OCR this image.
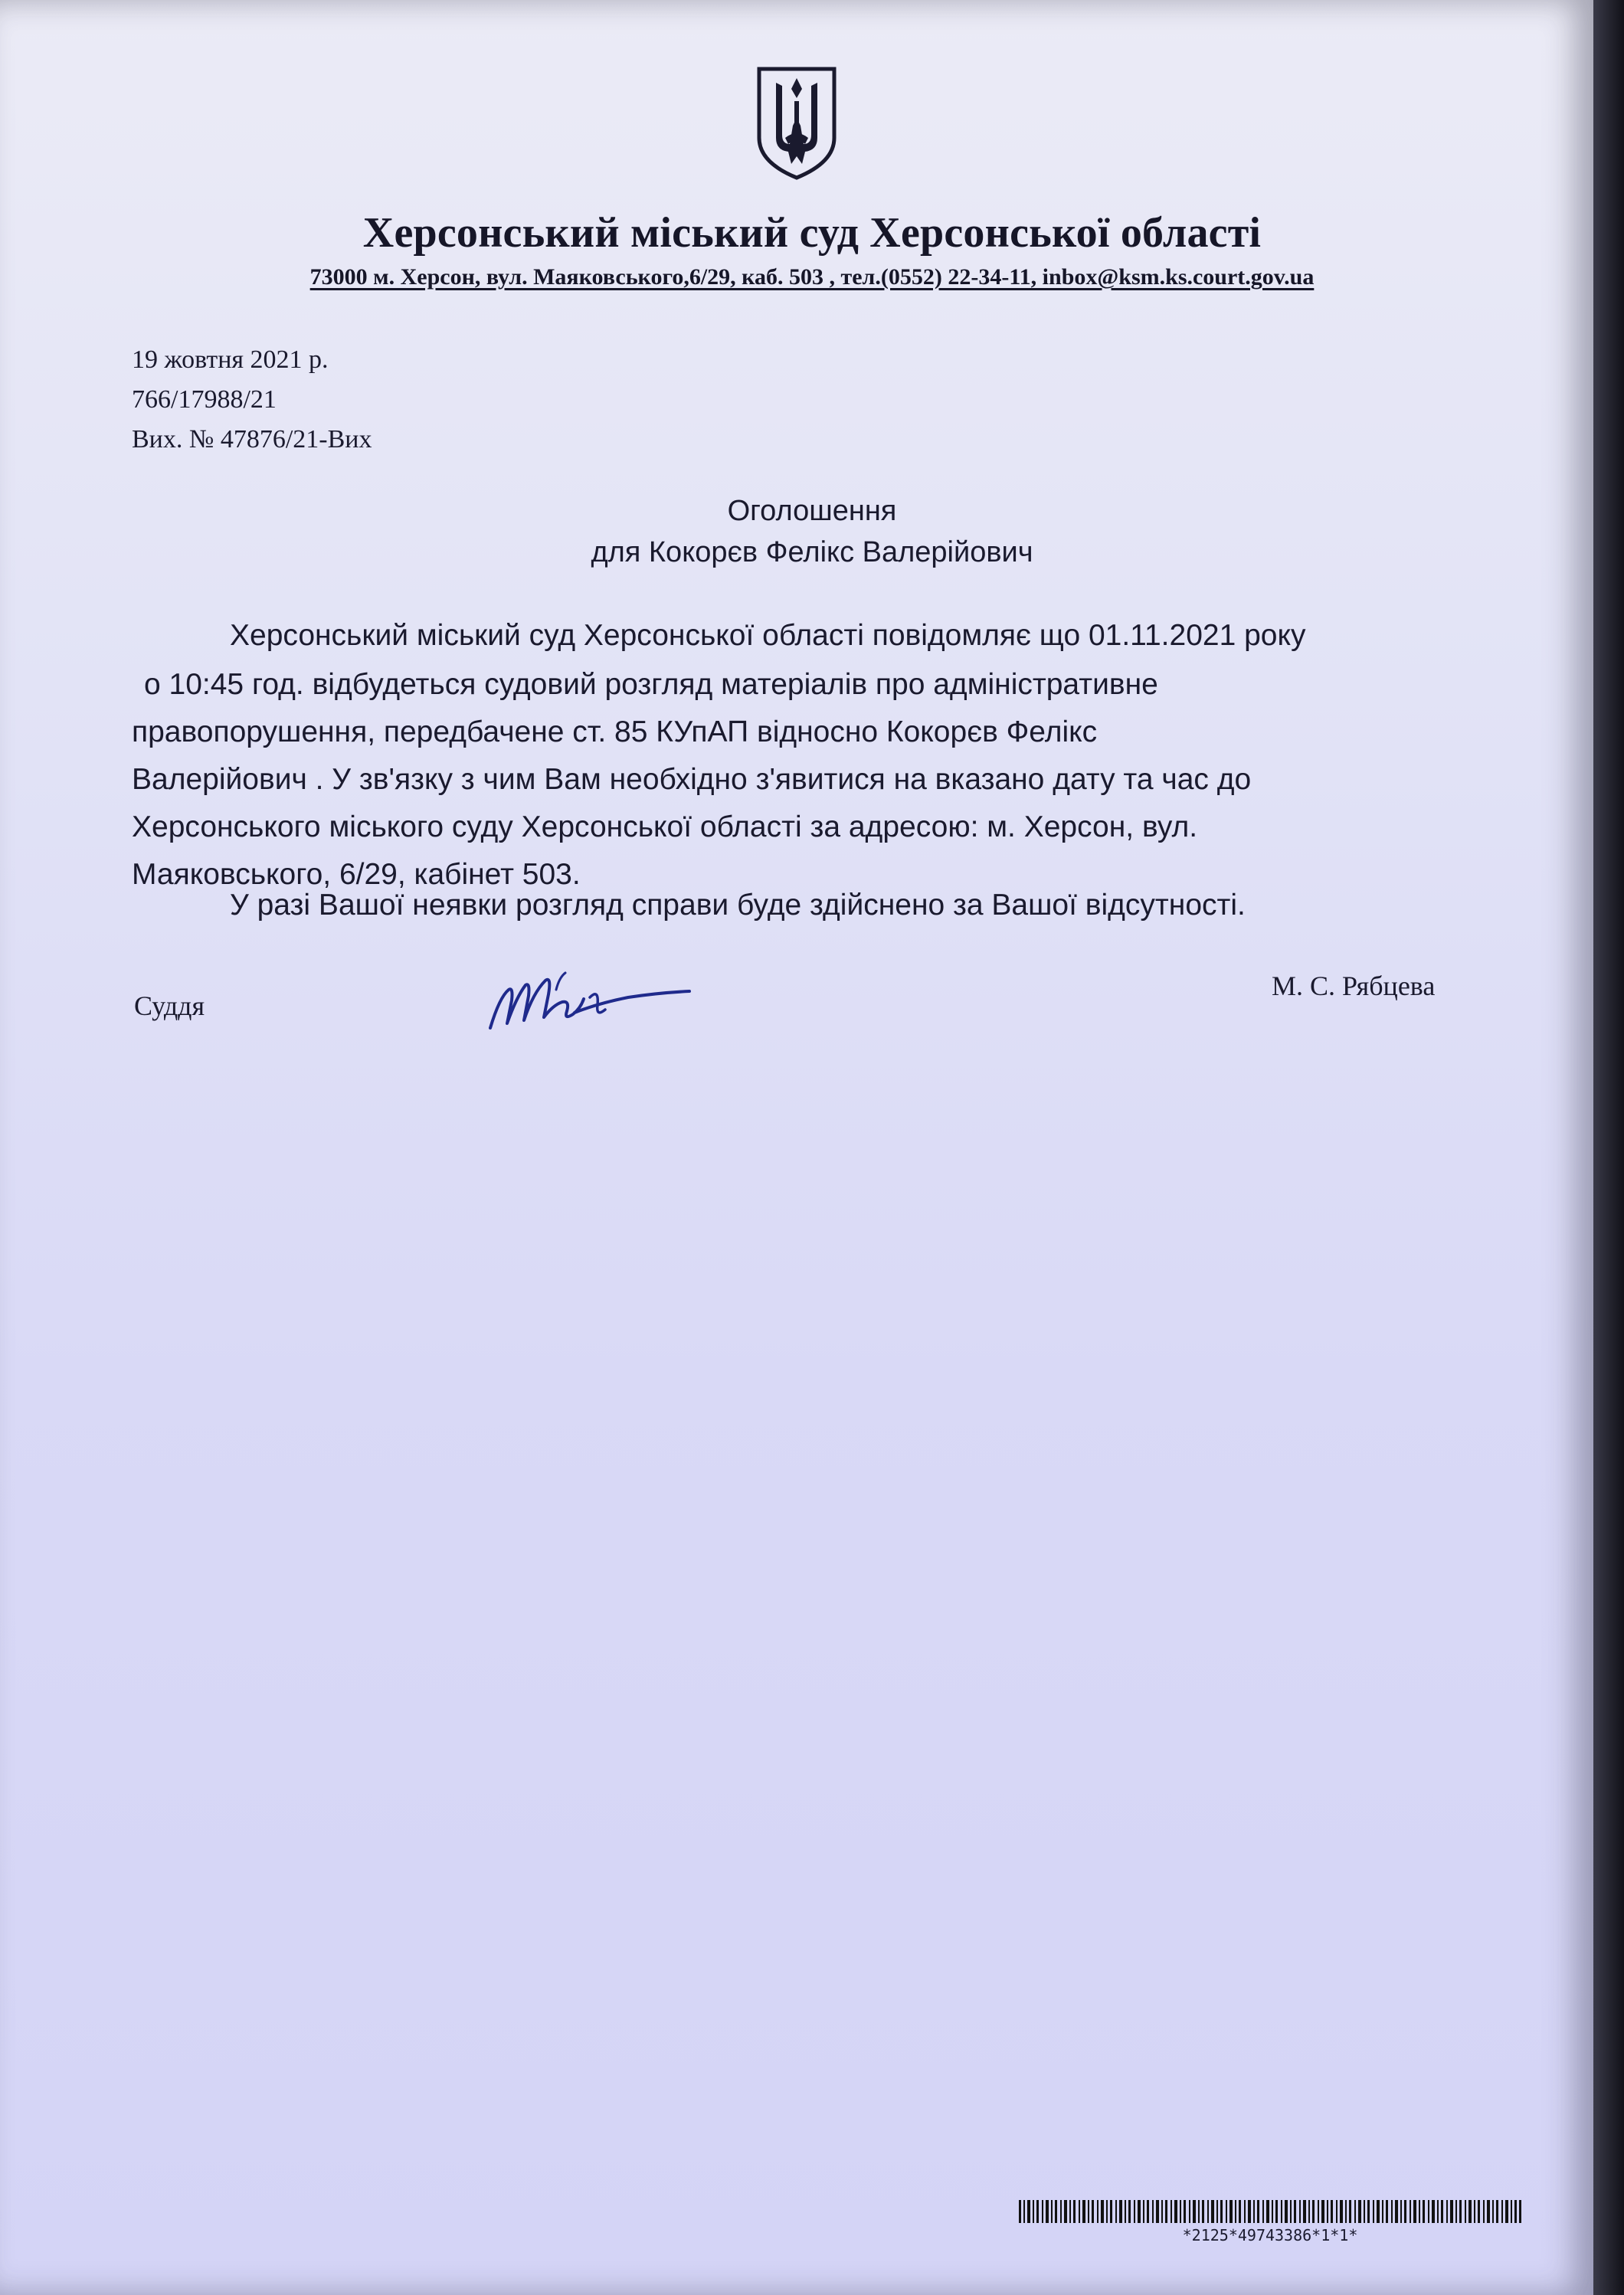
Херсонський міський суд Херсонської області
73000 м. Херсон, вул. Маяковського,6/29, каб. 503 , тел.(0552) 22-34-11, inbox@ksm.ks.court.gov.ua
19 жовтня 2021 р.
766/17988/21
Вих. № 47876/21-Вих
Оголошення
для Кокорєв Фелікс Валерійович
Херсонський міський суд Херсонської області повідомляє що 01.11.2021 року
о 10:45 год. відбудеться судовий розгляд матеріалів про адміністративне
правопорушення, передбачене ст. 85 КУпАП відносно Кокорєв Фелікс
Валерійович . У зв'язку з чим Вам необхідно з'явитися на вказано дату та час до
Херсонського міського суду Херсонської області за адресою: м. Херсон, вул.
Маяковського, 6/29, кабінет 503.
У разі Вашої неявки розгляд справи буде здійснено за Вашої відсутності.
Суддя
М. С. Рябцева
*2125*49743386*1*1*
